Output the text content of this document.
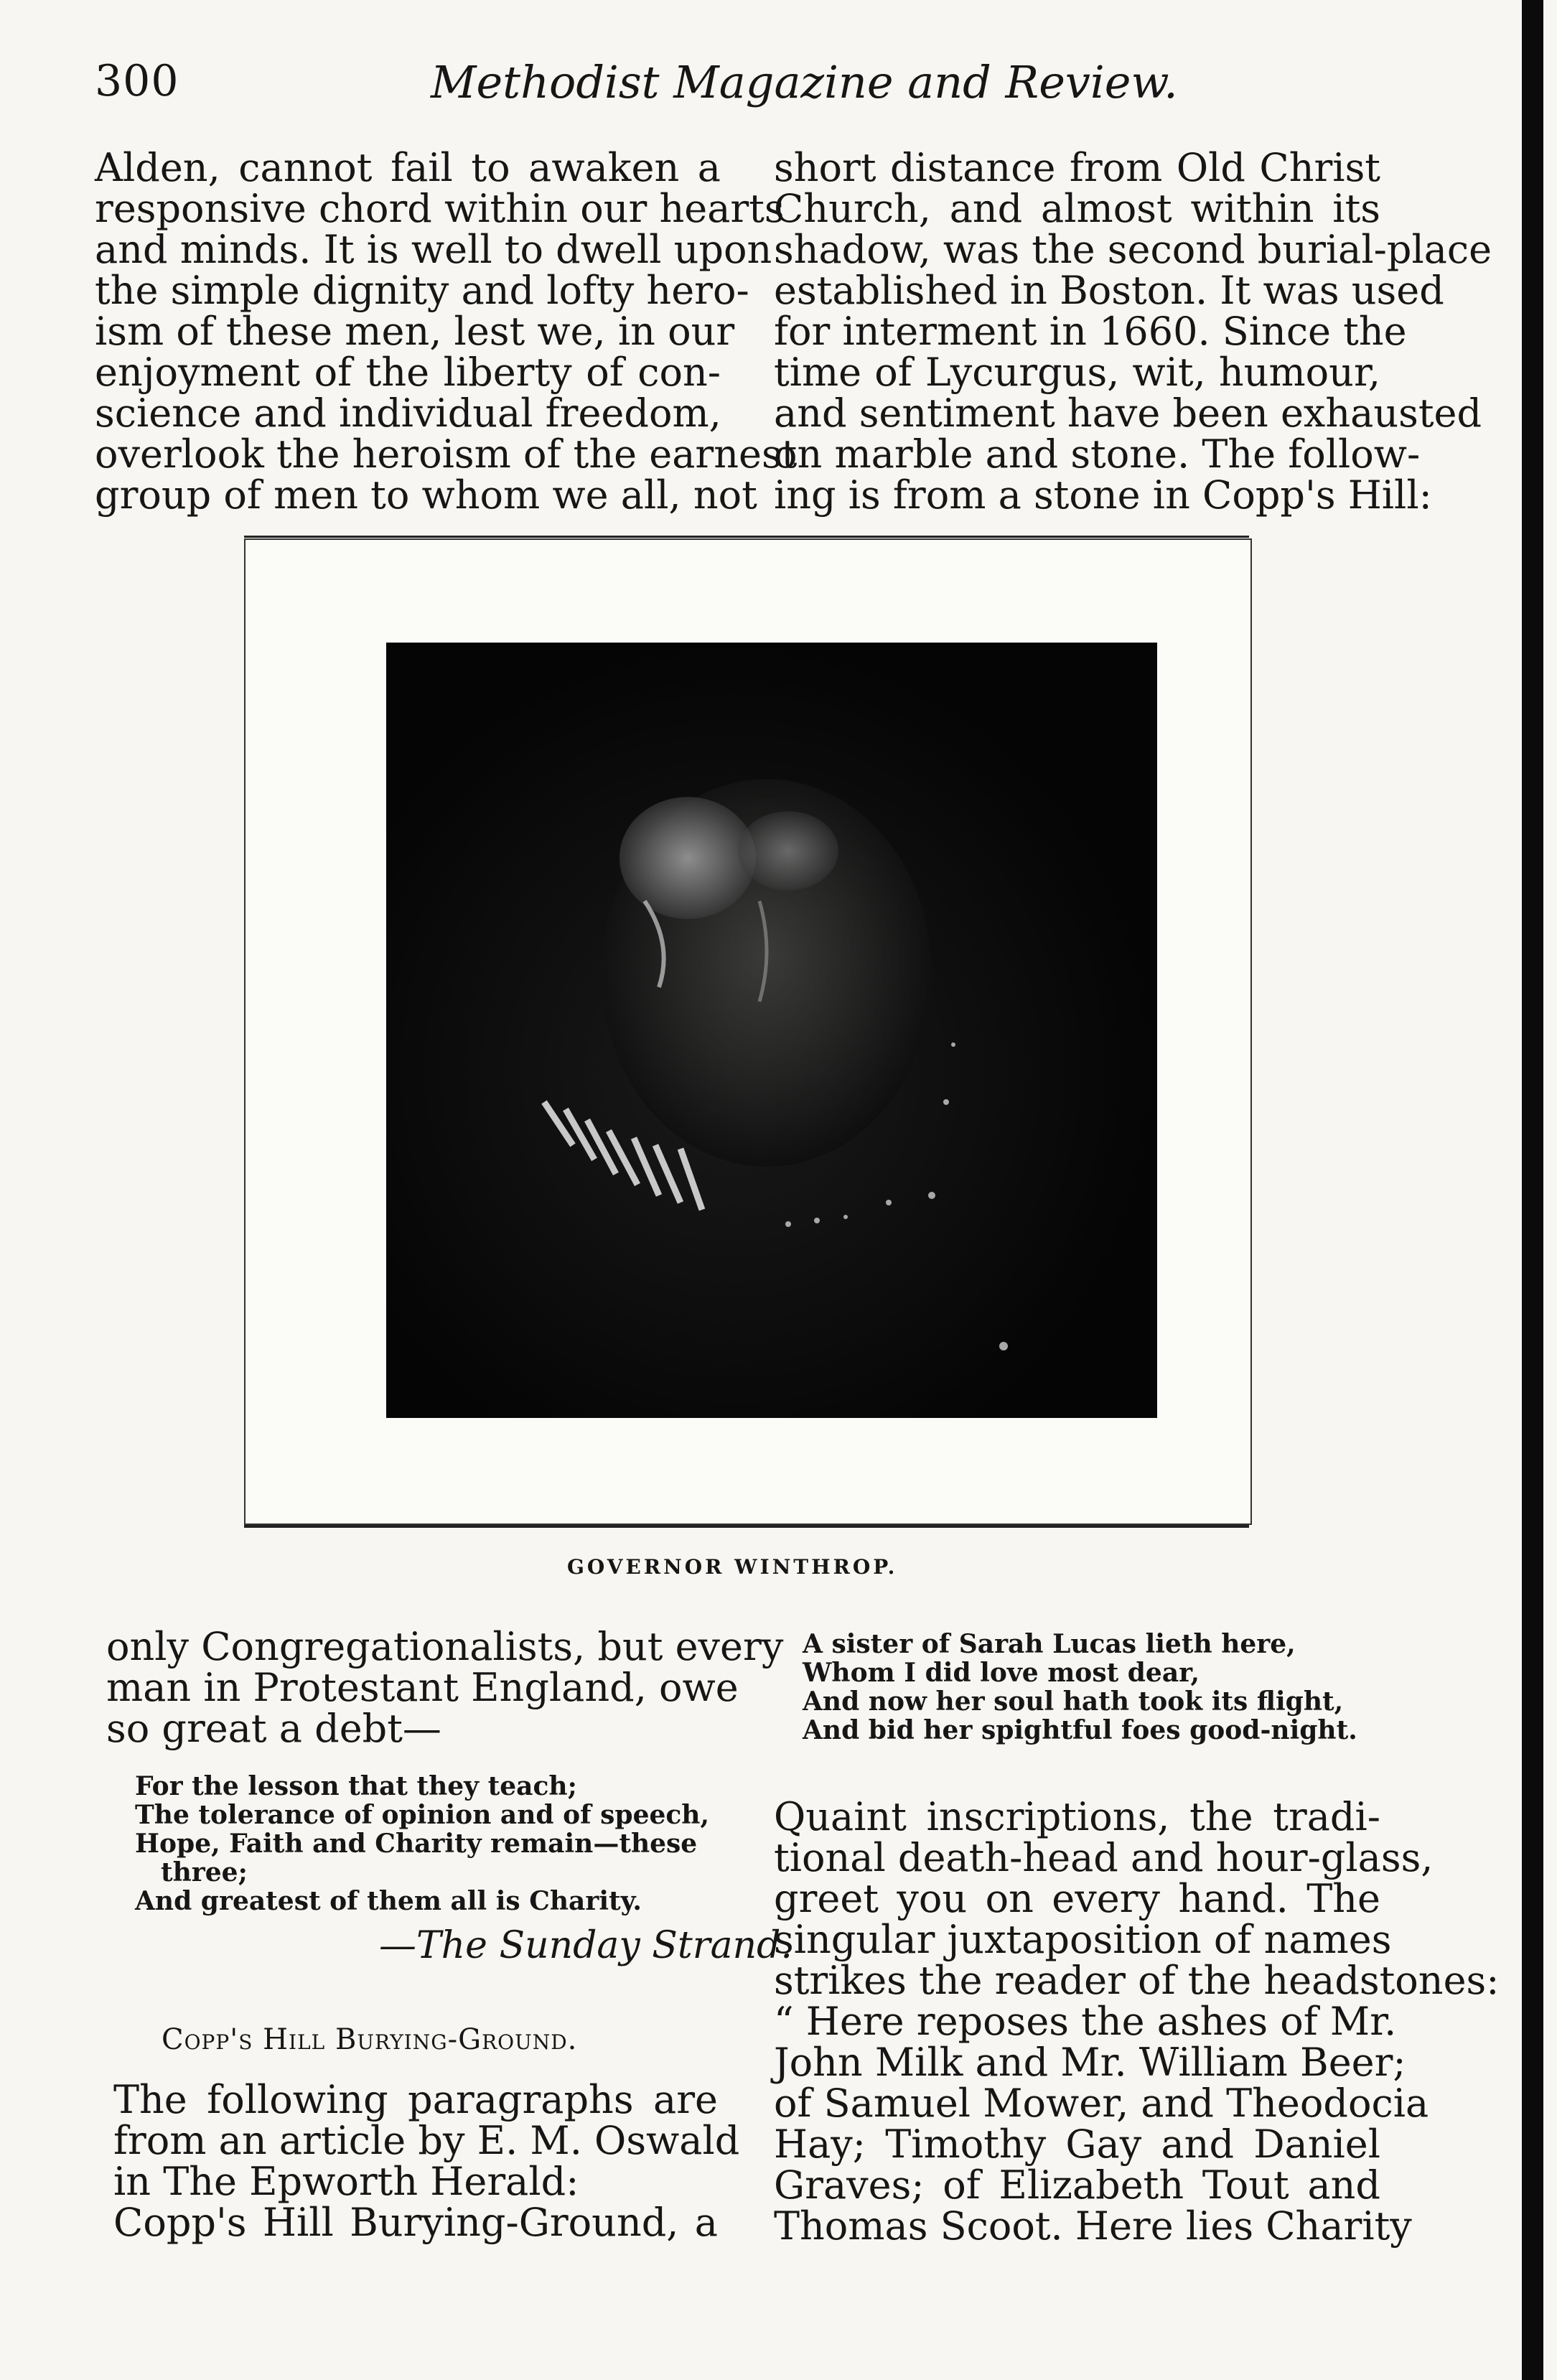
300	Methodist Magazine and Review.

Alden, cannot fail to awaken a

responsive chord within our hearts

and minds. It is well to dwell upon

the simple dignity and lofty hero-

ism of these men, lest we, in our

enjoyment of the liberty of con-

science and individual freedom,

overlook the heroism of the earnest

group of men to whom we all, not

short distance from Old Christ

Church, and almost within its

shadow, was the second burial-place

established in Boston. It was used

for interment in 1660. Since the

time of Lycurgus, wit, humour,

and sentiment have been exhausted

on marble and stone. The follow-

ing is from a stone in Copp's Hill:

GOVERNOR WINTHROP.

only Congregationalists, but every

man in Protestant England, owe

so great a debt—

For the lesson that they teach;

The tolerance of opinion and of speech,

Hope, Faith and Charity remain—these

three;

And greatest of them all is Charity.

—The Sunday Strand.
Copp's Hill Burying-Ground.

The following paragraphs are

from an article by E. M. Oswald

in The Epworth Herald:

Copp's Hill Burying-Ground, a

A sister of Sarah Lucas lieth here,

Whom I did love most dear,

And now her soul hath took its flight,

And bid her spightful foes good-night.

Quaint inscriptions, the tradi-

tional death-head and hour-glass,

greet you on every hand. The

singular juxtaposition of names

strikes the reader of the headstones:

“ Here reposes the ashes of Mr.

John Milk and Mr. William Beer;

of Samuel Mower, and Theodocia

Hay; Timothy Gay and Daniel

Graves; of Elizabeth Tout and

Thomas Scoot. Here lies Charity
